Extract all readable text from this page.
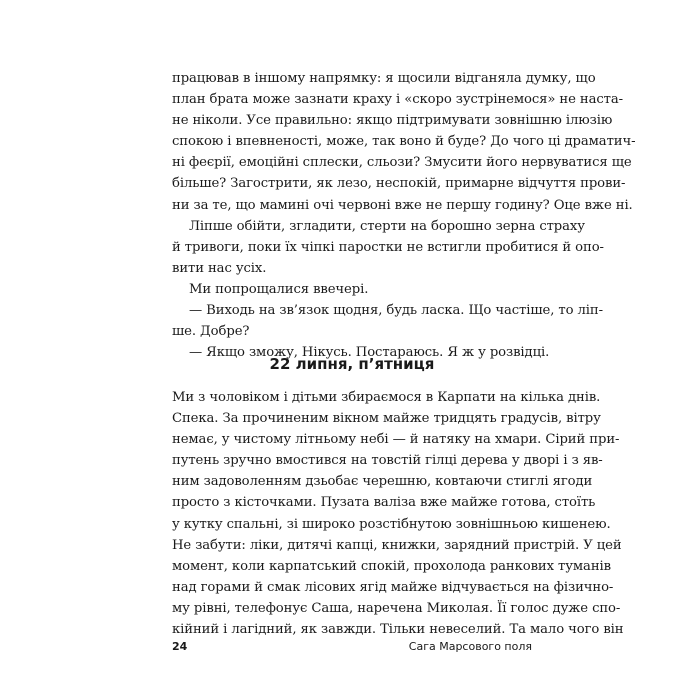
працював в іншому напрямку: я щосили відганяла думку, що
план брата може зазнати краху і «скоро зустрінемося» не наста-
не ніколи. Усе правильно: якщо підтримувати зовнішню ілюзію
спокою і впевненості, може, так воно й буде? До чого ці драматич-
ні феєрії, емоційні сплески, сльози? Змусити його нервуватися ще
більше? Загострити, як лезо, неспокій, примарне відчуття прови-
ни за те, що мамині очі червоні вже не першу годину? Оце вже ні.
Ліпше обійти, згладити, стерти на борошно зерна страху
й тривоги, поки їх чіпкі паростки не встигли пробитися й опо-
вити нас усіх.
Ми попрощалися ввечері.
— Виходь на зв’язок щодня, будь ласка. Що частіше, то ліп-
ше. Добре?
— Якщо зможу, Нікусь. Постараюсь. Я ж у розвідці.
22 липня, п’ятниця
Ми з чоловіком і дітьми збираємося в Карпати на кілька днів.
Спека. За прочиненим вікном майже тридцять градусів, вітру
немає, у чистому літньому небі — й натяку на хмари. Сірий при-
путень зручно вмостився на товстій гілці дерева у дворі і з яв-
ним задоволенням дзьобає черешню, ковтаючи стиглі ягоди
просто з кісточками. Пузата валіза вже майже готова, стоїть
у кутку спальні, зі широко розстібнутою зовнішньою кишенею.
Не забути: ліки, дитячі капці, книжки, зарядний пристрій. У цей
момент, коли карпатський спокій, прохолода ранкових туманів
над горами й смак лісових ягід майже відчувається на фізично-
му рівні, телефонує Саша, наречена Миколая. Її голос дуже спо-
кійний і лагідний, як завжди. Тільки невеселий. Та мало чого він
24	Сага Марсового поля
